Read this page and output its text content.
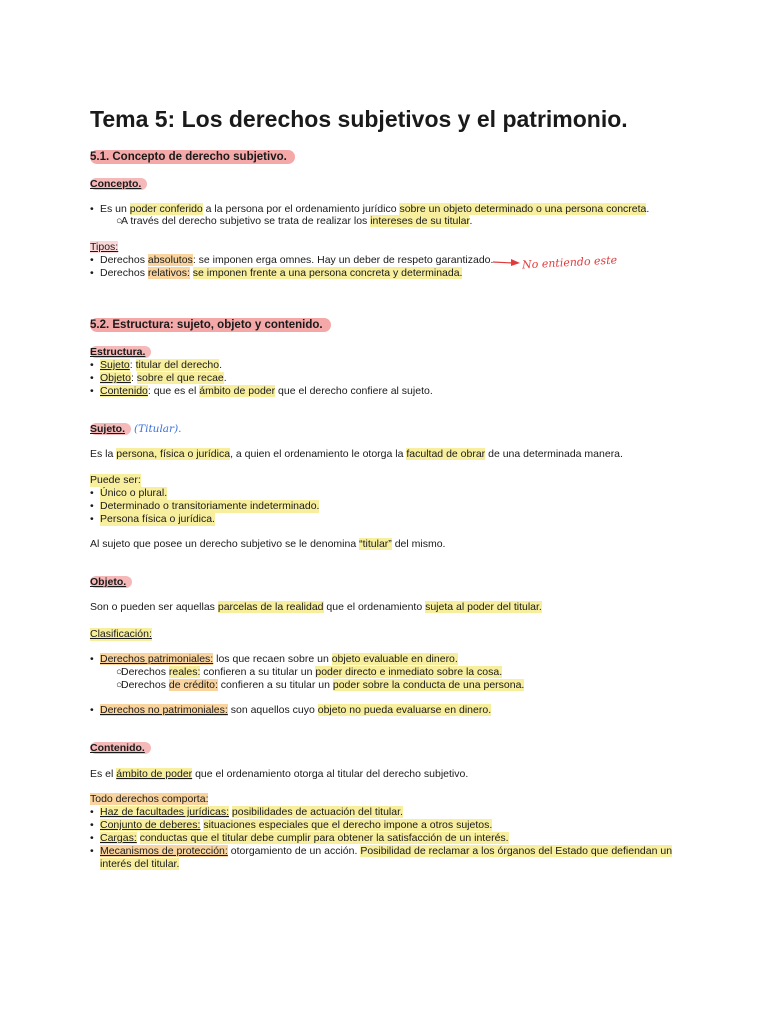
Tema 5: Los derechos subjetivos y el patrimonio.
5.1. Concepto de derecho subjetivo.
Concepto.
• Es un poder conferido a la persona por el ordenamiento jurídico sobre un objeto determinado o una persona concreta.
○
A través del derecho subjetivo se trata de realizar los intereses de su titular.
Tipos:
• Derechos absolutos: se imponen erga omnes. Hay un deber de respeto garantizado.	No entiendo este
• Derechos relativos: se imponen frente a una persona concreta y determinada.
5.2. Estructura: sujeto, objeto y contenido.
Estructura.
• Sujeto: titular del derecho.
• Objeto: sobre el que recae.
• Contenido: que es el ámbito de poder que el derecho confiere al sujeto.
Sujeto. (Titular).
Es la persona, física o jurídica, a quien el ordenamiento le otorga la facultad de obrar de una determinada manera.
Puede ser:
• Único o plural.
• Determinado o transitoriamente indeterminado.
• Persona física o jurídica.
Al sujeto que posee un derecho subjetivo se le denomina “titular” del mismo.
Objeto.
Son o pueden ser aquellas parcelas de la realidad que el ordenamiento sujeta al poder del titular.
Clasificación:
• Derechos patrimoniales: los que recaen sobre un objeto evaluable en dinero.
○
Derechos reales: confieren a su titular un poder directo e inmediato sobre la cosa.
○
Derechos de crédito: confieren a su titular un poder sobre la conducta de una persona.
• Derechos no patrimoniales: son aquellos cuyo objeto no pueda evaluarse en dinero.
Contenido.
Es el ámbito de poder que el ordenamiento otorga al titular del derecho subjetivo.
Todo derechos comporta:
• Haz de facultades jurídicas: posibilidades de actuación del titular.
• Conjunto de deberes: situaciones especiales que el derecho impone a otros sujetos.
• Cargas: conductas que el titular debe cumplir para obtener la satisfacción de un interés.
• Mecanismos de protección: otorgamiento de un acción. Posibilidad de reclamar a los órganos del Estado que defiendan un interés del titular.
